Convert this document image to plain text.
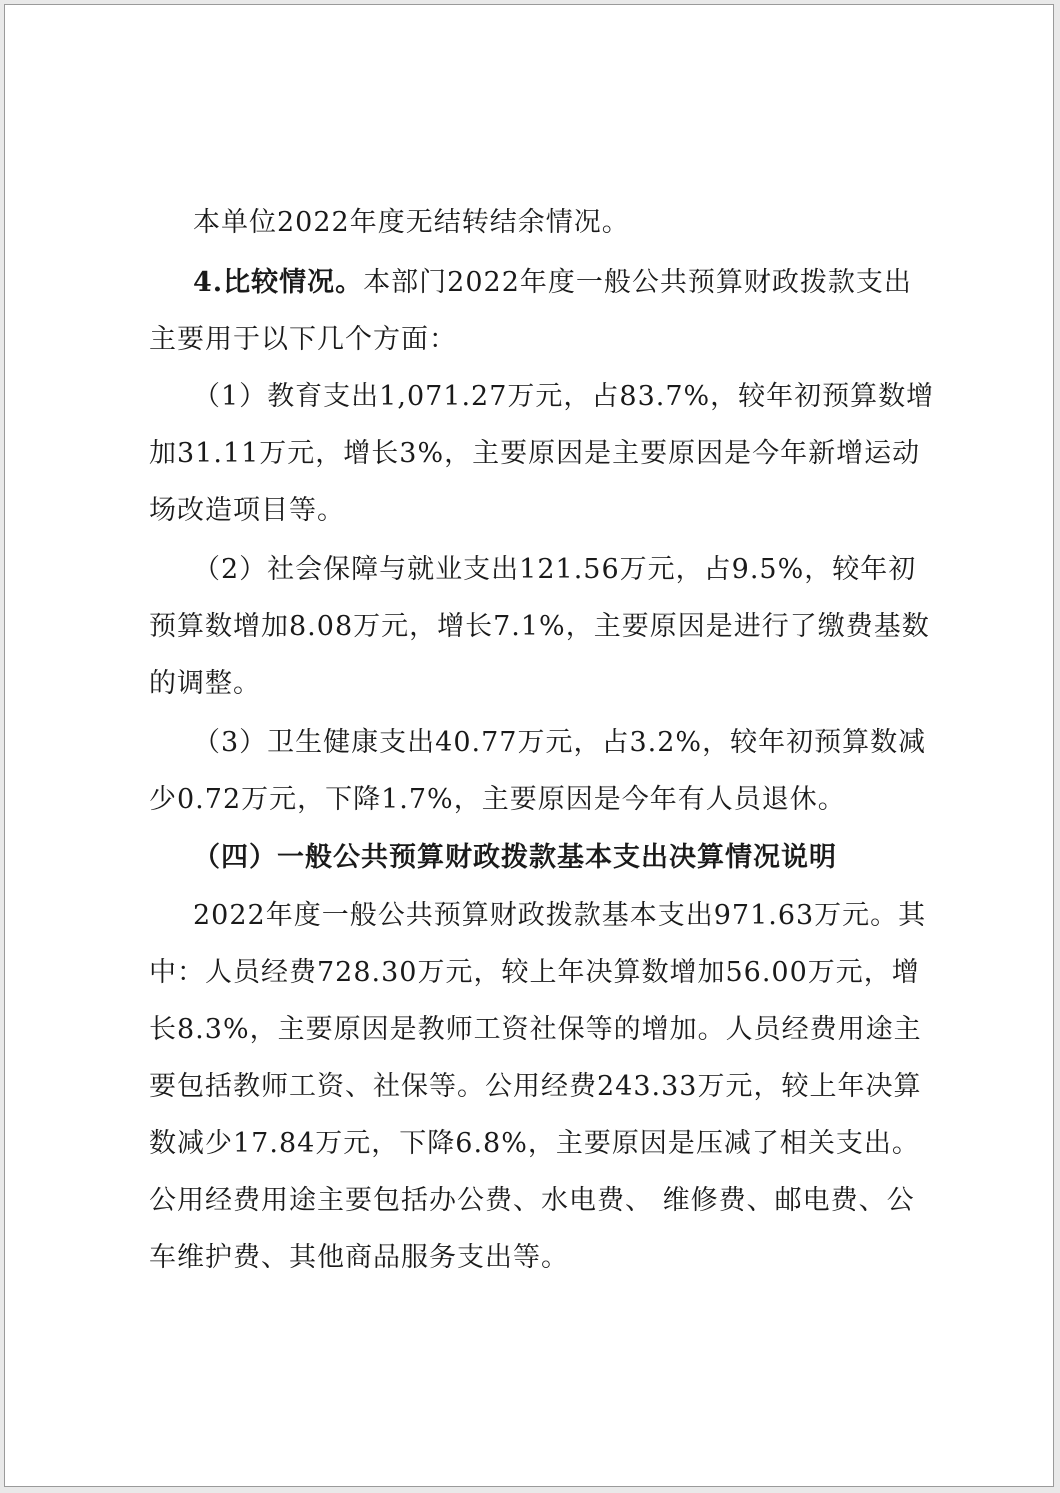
本单位2022年度无结转结余情况。
4.比较情况。本部门2022年度一般公共预算财政拨款支出
主要用于以下几个方面：
（1）教育支出1,071.27万元，占83.7%，较年初预算数增
加31.11万元，增长3%，主要原因是主要原因是今年新增运动
场改造项目等。
（2）社会保障与就业支出121.56万元，占9.5%，较年初
预算数增加8.08万元，增长7.1%，主要原因是进行了缴费基数
的调整。
（3）卫生健康支出40.77万元，占3.2%，较年初预算数减
少0.72万元，下降1.7%，主要原因是今年有人员退休。
（四）一般公共预算财政拨款基本支出决算情况说明
2022年度一般公共预算财政拨款基本支出971.63万元。其
中：人员经费728.30万元，较上年决算数增加56.00万元，增
长8.3%，主要原因是教师工资社保等的增加。人员经费用途主
要包括教师工资、社保等。公用经费243.33万元，较上年决算
数减少17.84万元，下降6.8%，主要原因是压减了相关支出。
公用经费用途主要包括办公费、水电费、 维修费、邮电费、公
车维护费、其他商品服务支出等。
